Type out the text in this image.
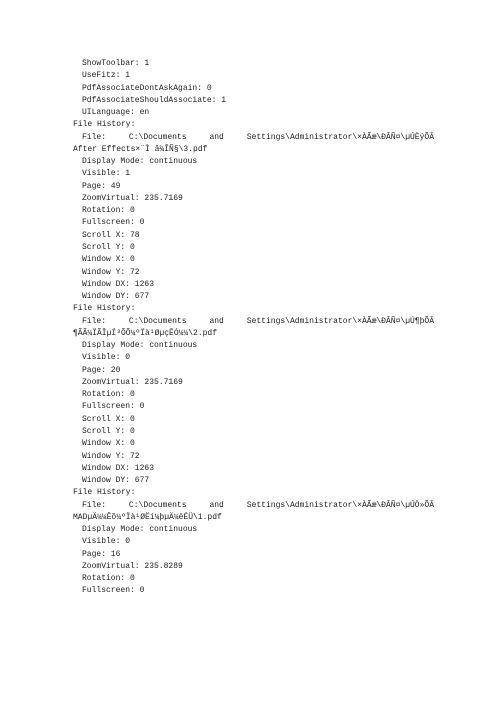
ShowToolbar: 1
UseFitz: 1
PdfAssociateDontAskAgain: 0
PdfAssociateShouldAssociate: 1
UILanguage: en
File History:
File: C:\Documents and Settings\Administrator\×ÀÃæ\ÐÂÑ¤\µÚÈýÕÂ
After Effects×¨Ì â¾ÎÑ§\3.pdf
Display Mode: continuous
Visible: 1
Page: 49
ZoomVirtual: 235.7169
Rotation: 0
Fullscreen: 0
Scroll X: 78
Scroll Y: 0
Window X: 0
Window Y: 72
Window DX: 1263
Window DY: 677
File History:
File: C:\Documents and Settings\Administrator\×ÀÃæ\ÐÂÑ¤\µÚ¶þÕÂ
¶ÃÃ¼ÏÃÎµÍ³ÕÕ¼ºÏà¹ØµçÊÓ¼¼\2.pdf
Display Mode: continuous
Visible: 0
Page: 20
ZoomVirtual: 235.7169
Rotation: 0
Fullscreen: 0
Scroll X: 0
Scroll Y: 0
Window X: 0
Window Y: 72
Window DX: 1263
Window DY: 677
File History:
File: C:\Documents and Settings\Administrator\×ÀÃæ\ÐÂÑ¤\µÚÒ»ÕÂ
MADµÄ¼¼Êõ¼ºÏà¹ØËí¼þµÄ¼ëÉÜ\1.pdf
Display Mode: continuous
Visible: 0
Page: 16
ZoomVirtual: 235.8289
Rotation: 0
Fullscreen: 0
